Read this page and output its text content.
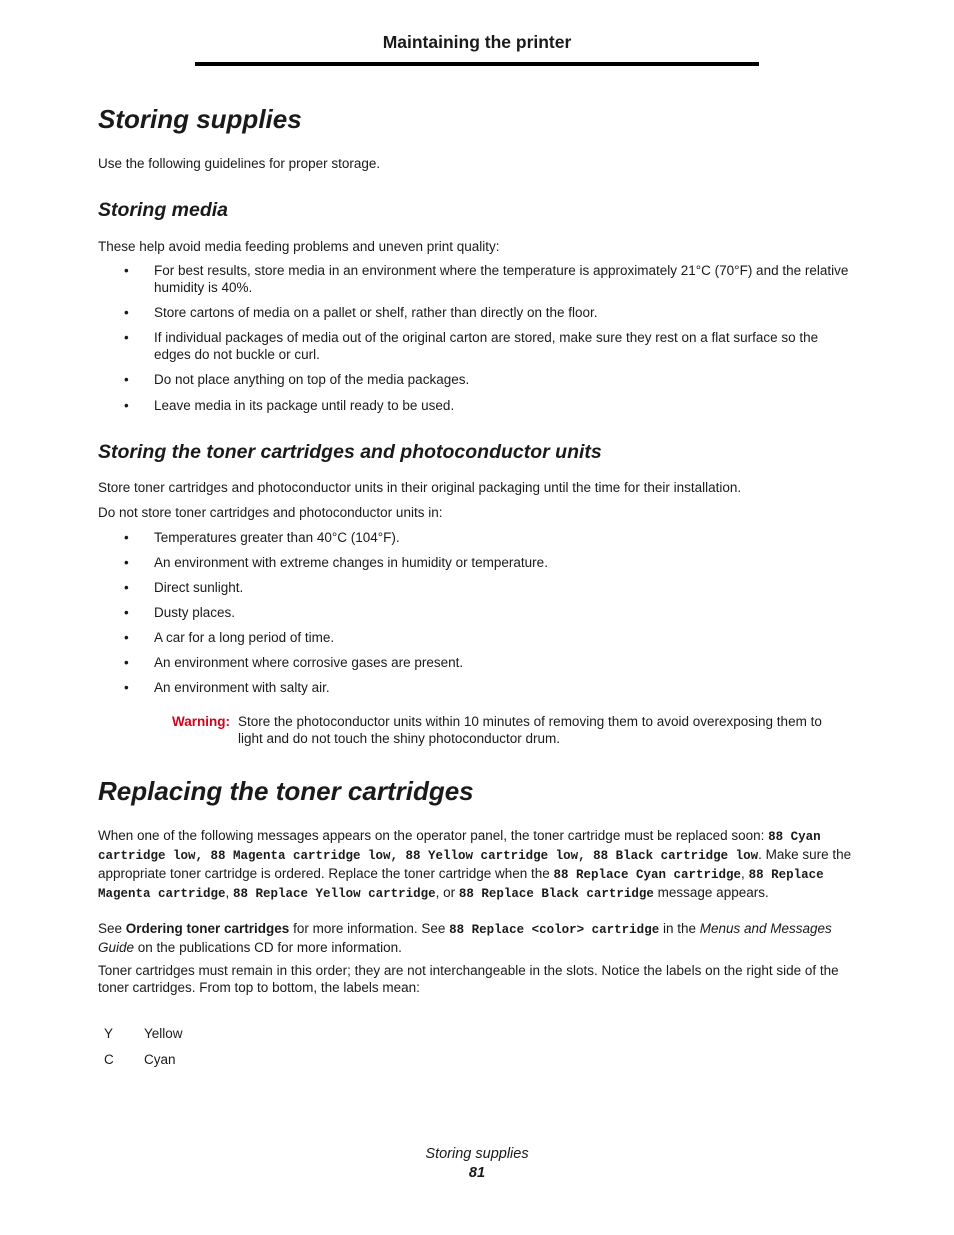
Maintaining the printer
Storing supplies
Use the following guidelines for proper storage.
Storing media
These help avoid media feeding problems and uneven print quality:
• For best results, store media in an environment where the temperature is approximately 21°C (70°F) and the relative humidity is 40%.
• Store cartons of media on a pallet or shelf, rather than directly on the floor.
• If individual packages of media out of the original carton are stored, make sure they rest on a flat surface so the edges do not buckle or curl.
• Do not place anything on top of the media packages.
• Leave media in its package until ready to be used.
Storing the toner cartridges and photoconductor units
Store toner cartridges and photoconductor units in their original packaging until the time for their installation.
Do not store toner cartridges and photoconductor units in:
• Temperatures greater than 40°C (104°F).
• An environment with extreme changes in humidity or temperature.
• Direct sunlight.
• Dusty places.
• A car for a long period of time.
• An environment where corrosive gases are present.
• An environment with salty air.
Warning: Store the photoconductor units within 10 minutes of removing them to avoid overexposing them to light and do not touch the shiny photoconductor drum.
Replacing the toner cartridges
When one of the following messages appears on the operator panel, the toner cartridge must be replaced soon: 88 Cyan cartridge low, 88 Magenta cartridge low, 88 Yellow cartridge low, 88 Black cartridge low. Make sure the appropriate toner cartridge is ordered. Replace the toner cartridge when the 88 Replace Cyan cartridge, 88 Replace Magenta cartridge, 88 Replace Yellow cartridge, or 88 Replace Black cartridge message appears.
See Ordering toner cartridges for more information. See 88 Replace <color> cartridge in the Menus and Messages Guide on the publications CD for more information.
Toner cartridges must remain in this order; they are not interchangeable in the slots. Notice the labels on the right side of the toner cartridges. From top to bottom, the labels mean:
Y Yellow
C Cyan
Storing supplies
81
